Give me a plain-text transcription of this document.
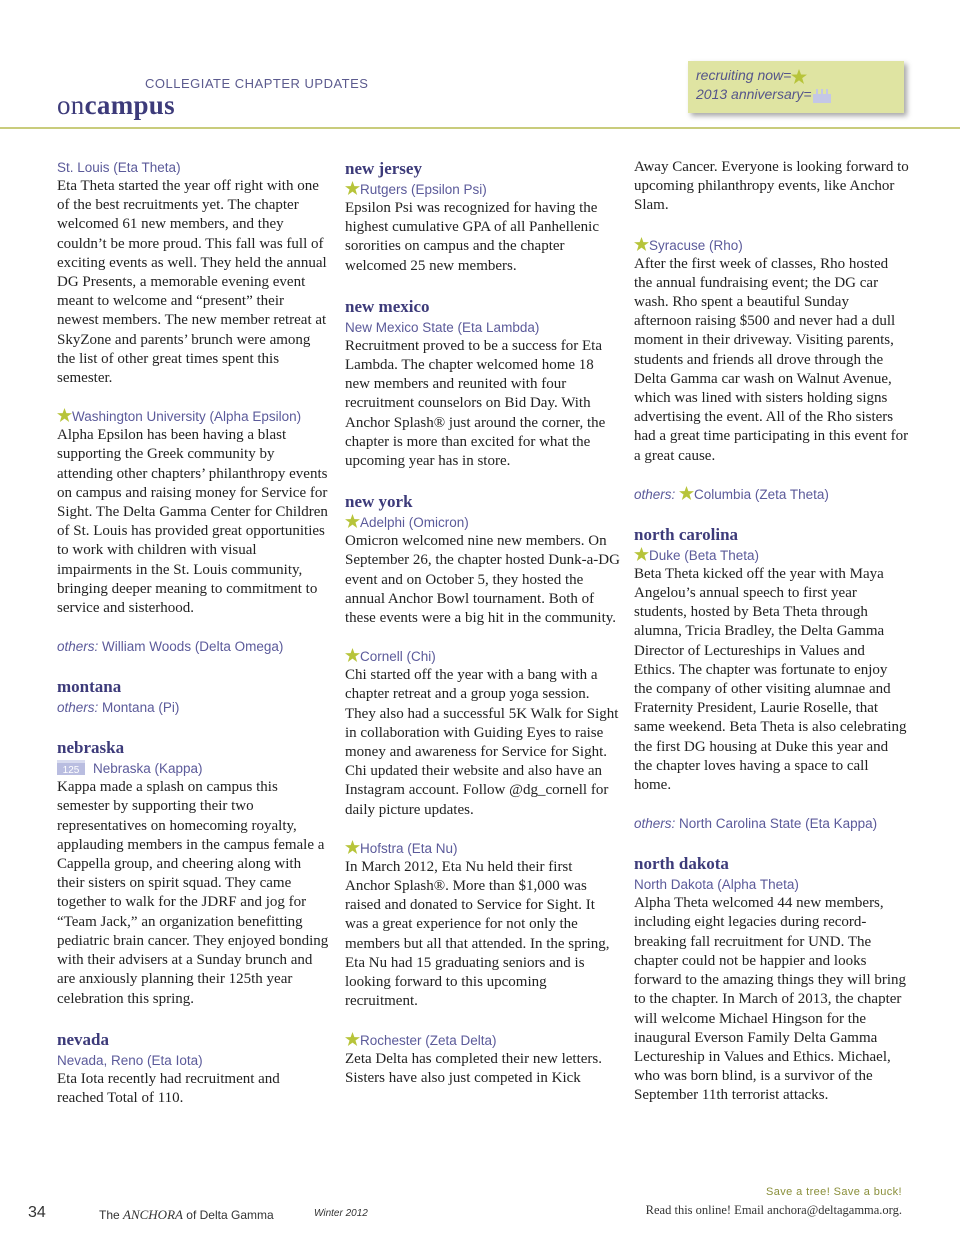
COLLEGIATE CHAPTER UPDATES
oncampus
recruiting now=
2013 anniversary=
St. Louis (Eta Theta)
Eta Theta started the year off right with one of the best recruitments yet. The chapter welcomed 61 new members, and they couldn’t be more proud. This fall was full of exciting events as well. They held the annual DG Presents, a memorable evening event meant to welcome and “present” their newest members. The new member retreat at SkyZone and parents’ brunch were among the list of other great times spent this semester.
Washington University (Alpha Epsilon)
Alpha Epsilon has been having a blast supporting the Greek community by attending other chapters’ philanthropy events on campus and raising money for Service for Sight. The Delta Gamma Center for Children of St. Louis has provided great opportunities to work with children with visual impairments in the St. Louis community, bringing deeper meaning to commitment to service and sisterhood.
others: William Woods (Delta Omega)
montana
others: Montana (Pi)
nebraska
125 Nebraska (Kappa)
Kappa made a splash on campus this semester by supporting their two representatives on homecoming royalty, applauding members in the campus female a Cappella group, and cheering along with their sisters on spirit squad. They came together to walk for the JDRF and jog for “Team Jack,” an organization benefitting pediatric brain cancer. They enjoyed bonding with their advisers at a Sunday brunch and are anxiously planning their 125th year celebration this spring.
nevada
Nevada, Reno (Eta Iota)
Eta Iota recently had recruitment and reached Total of 110.
new jersey
Rutgers (Epsilon Psi)
Epsilon Psi was recognized for having the highest cumulative GPA of all Panhellenic sororities on campus and the chapter welcomed 25 new members.
new mexico
New Mexico State (Eta Lambda)
Recruitment proved to be a success for Eta Lambda. The chapter welcomed home 18 new members and reunited with four recruitment counselors on Bid Day. With Anchor Splash® just around the corner, the chapter is more than excited for what the upcoming year has in store.
new york
Adelphi (Omicron)
Omicron welcomed nine new members. On September 26, the chapter hosted Dunk-a-DG event and on October 5, they hosted the annual Anchor Bowl tournament. Both of these events were a big hit in the community.
Cornell (Chi)
Chi started off the year with a bang with a chapter retreat and a group yoga session. They also had a successful 5K Walk for Sight in collaboration with Guiding Eyes to raise money and awareness for Service for Sight. Chi updated their website and also have an Instagram account. Follow @dg_cornell for daily picture updates.
Hofstra (Eta Nu)
In March 2012, Eta Nu held their first Anchor Splash®. More than $1,000 was raised and donated to Service for Sight. It was a great experience for not only the members but all that attended. In the spring, Eta Nu had 15 graduating seniors and is looking forward to this upcoming recruitment.
Rochester (Zeta Delta)
Zeta Delta has completed their new letters. Sisters have also just competed in Kick
Away Cancer. Everyone is looking forward to upcoming philanthropy events, like Anchor Slam.
Syracuse (Rho)
After the first week of classes, Rho hosted the annual fundraising event; the DG car wash. Rho spent a beautiful Sunday afternoon raising $500 and never had a dull moment in their driveway. Visiting parents, students and friends all drove through the Delta Gamma car wash on Walnut Avenue, which was lined with sisters holding signs advertising the event. All of the Rho sisters had a great time participating in this event for a great cause.
others: Columbia (Zeta Theta)
north carolina
Duke (Beta Theta)
Beta Theta kicked off the year with Maya Angelou’s annual speech to first year students, hosted by Beta Theta through alumna, Tricia Bradley, the Delta Gamma Director of Lectureships in Values and Ethics. The chapter was fortunate to enjoy the company of other visiting alumnae and Fraternity President, Laurie Roselle, that same weekend. Beta Theta is also celebrating the first DG housing at Duke this year and the chapter loves having a space to call home.
others: North Carolina State (Eta Kappa)
north dakota
North Dakota (Alpha Theta)
Alpha Theta welcomed 44 new members, including eight legacies during record-breaking fall recruitment for UND. The chapter could not be happier and looks forward to the amazing things they will bring to the chapter. In March of 2013, the chapter will welcome Michael Hingson for the inaugural Everson Family Delta Gamma Lectureship in Values and Ethics. Michael, who was born blind, is a survivor of the September 11th terrorist attacks.
34	The ANCHORA of Delta Gamma	Winter 2012
Save a tree! Save a buck!
Read this online! Email anchora@deltagamma.org.
